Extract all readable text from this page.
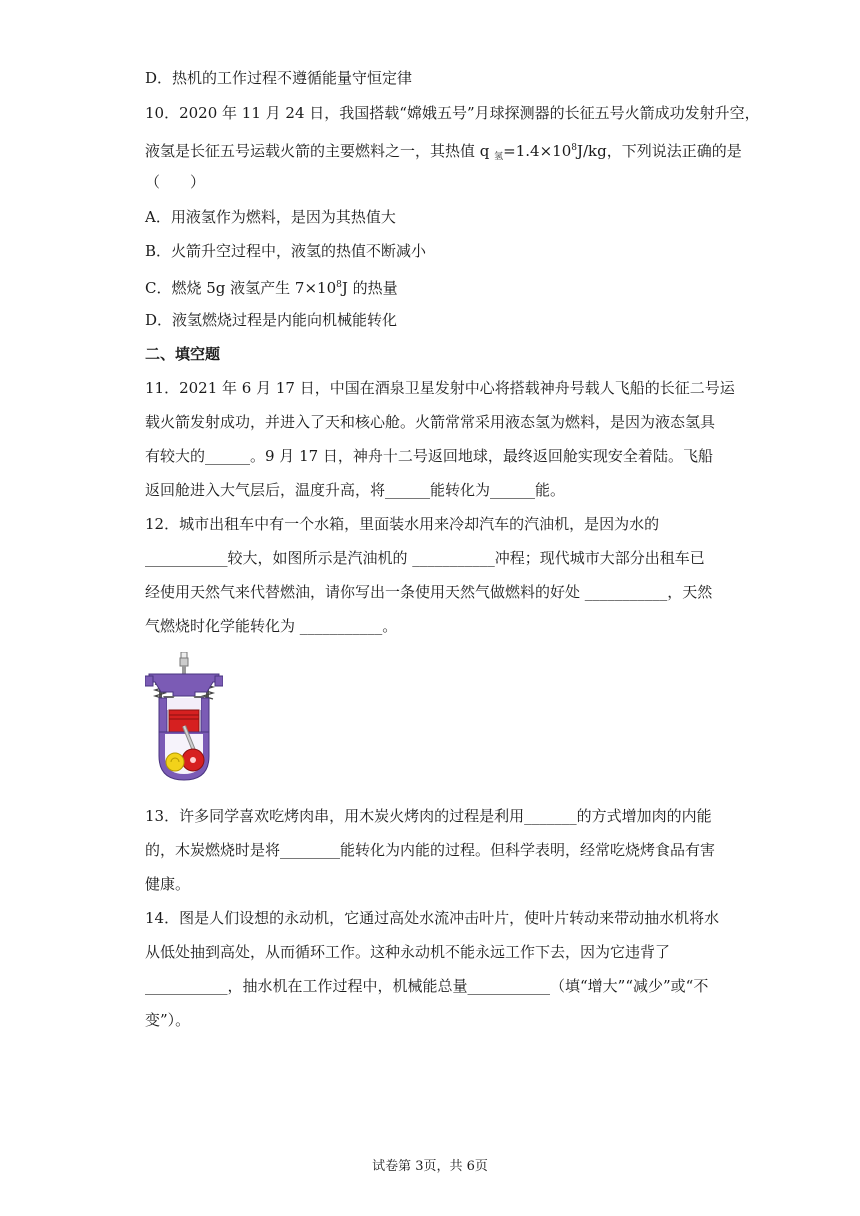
D．热机的工作过程不遵循能量守恒定律

10．2020 年 11 月 24 日，我国搭载“嫦娥五号”月球探测器的长征五号火箭成功发射升空，

液氢是长征五号运载火箭的主要燃料之一，其热值 q $_氢=1.4\times 10^8J/kg$，下列说法正确的是

（　　）

A．用液氢作为燃料，是因为其热值大

B．火箭升空过程中，液氢的热值不断减小

C．燃烧 5g 液氢产生 $7\times 10^8J$ 的热量

D．液氢燃烧过程是内能向机械能转化

二、填空题

11．2021 年 6 月 17 日，中国在酒泉卫星发射中心将搭载神舟号载人飞船的长征二号运

载火箭发射成功，并进入了天和核心舱。火箭常常采用液态氢为燃料，是因为液态氢具

有较大的______。9 月 17 日，神舟十二号返回地球，最终返回舱实现安全着陆。飞船

返回舱进入大气层后，温度升高，将______能转化为______能。

12．城市出租车中有一个水箱，里面装水用来冷却汽车的汽油机，是因为水的

___________较大，如图所示是汽油机的 ___________冲程；现代城市大部分出租车已

经使用天然气来代替燃油，请你写出一条使用天然气做燃料的好处 ___________，天然

气燃烧时化学能转化为 ___________。

13．许多同学喜欢吃烤肉串，用木炭火烤肉的过程是利用_______的方式增加肉的内能

的，木炭燃烧时是将________能转化为内能的过程。但科学表明，经常吃烧烤食品有害

健康。

14．图是人们设想的永动机，它通过高处水流冲击叶片，使叶片转动来带动抽水机将水

从低处抽到高处，从而循环工作。这种永动机不能永远工作下去，因为它违背了

___________，抽水机在工作过程中，机械能总量___________（填“增大”“减少”或“不

变”）。

试卷第 3页，共 6页
